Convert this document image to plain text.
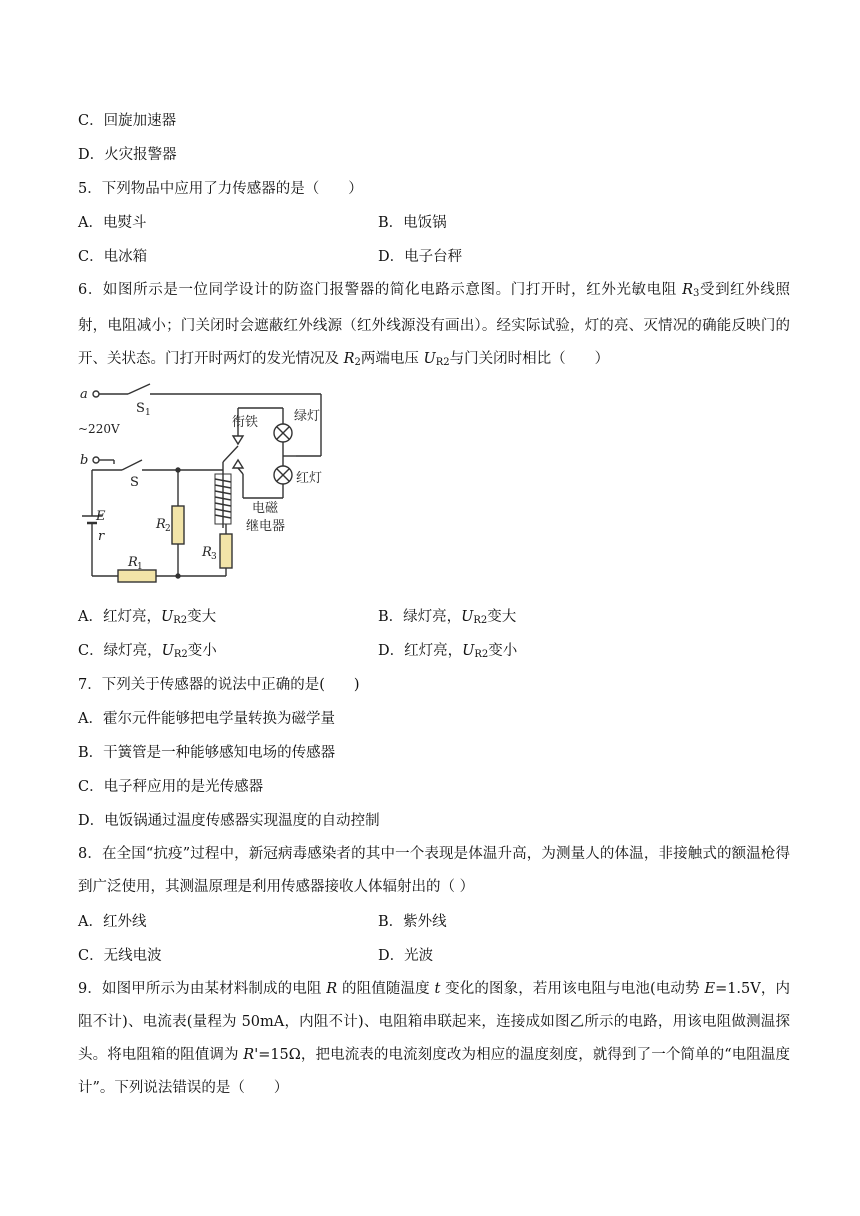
C．回旋加速器
D．火灾报警器
5．下列物品中应用了力传感器的是（　　）
A．电熨斗	B．电饭锅
C．电冰箱	D．电子台秤
6．如图所示是一位同学设计的防盗门报警器的简化电路示意图。门打开时，红外光敏电阻 $R_3$受到红外线照射，电阻减小；门关闭时会遮蔽红外线源（红外线源没有画出）。经实际试验，灯的亮、灭情况的确能反映门的开、关状态。门打开时两灯的发光情况及 $R_2$两端电压 $U_{R2}$与门关闭时相比（　　）
a
b
S 1
~220V	衔铁	绿灯
红灯
电磁
继电器
S
E
r
R 1
R 2
R 3
A．红灯亮，$U_{R2}$变大	B．绿灯亮，$U_{R2}$变大
C．绿灯亮，$U_{R2}$变小	D．红灯亮，$U_{R2}$变小
7．下列关于传感器的说法中正确的是(　　)
A．霍尔元件能够把电学量转换为磁学量
B．干簧管是一种能够感知电场的传感器
C．电子秤应用的是光传感器
D．电饭锅通过温度传感器实现温度的自动控制
8．在全国“抗疫”过程中，新冠病毒感染者的其中一个表现是体温升高，为测量人的体温，非接触式的额温枪得到广泛使用，其测温原理是利用传感器接收人体辐射出的（ ）
A．红外线	B．紫外线
C．无线电波	D．光波
9．如图甲所示为由某材料制成的电阻 R 的阻值随温度 t 变化的图象，若用该电阻与电池(电动势 E=1.5V，内阻不计)、电流表(量程为 50mA，内阻不计)、电阻箱串联起来，连接成如图乙所示的电路，用该电阻做测温探头。将电阻箱的阻值调为 R'=15Ω，把电流表的电流刻度改为相应的温度刻度，就得到了一个简单的“电阻温度计”。下列说法错误的是（　　）
